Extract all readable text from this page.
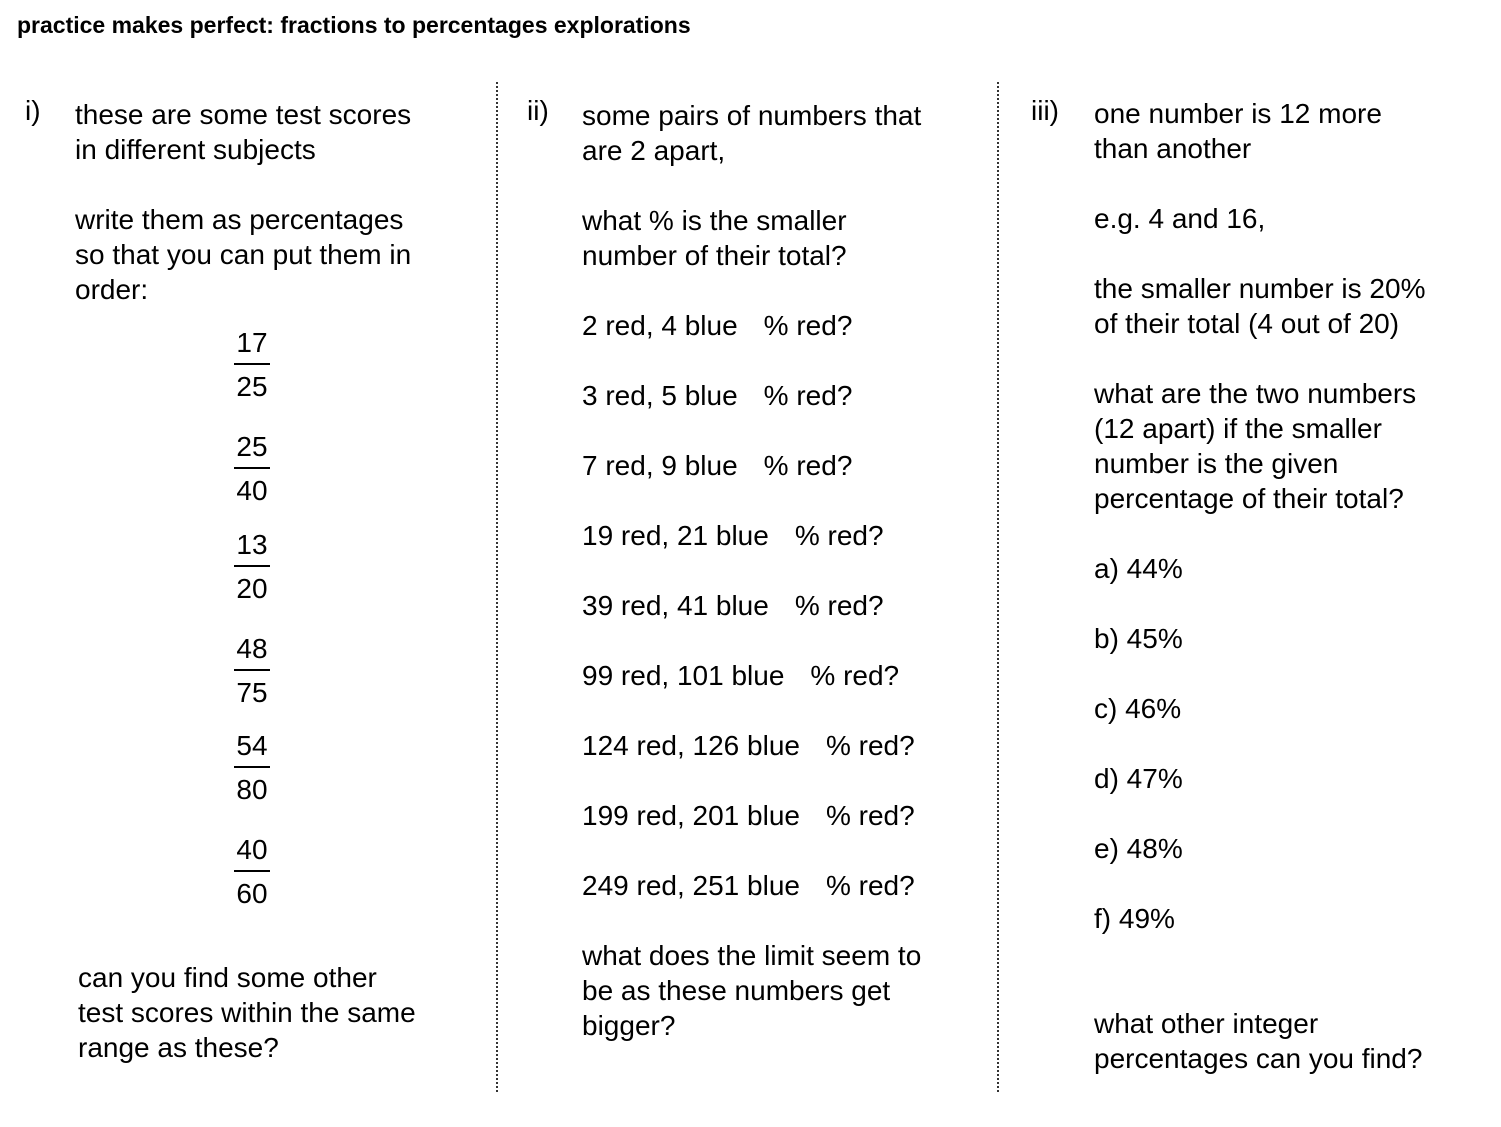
practice makes perfect: fractions to percentages explorations
i) these are some test scores
in different subjects
write them as percentages
so that you can put them in
order:
17
25
25
40
13
20
48
75
54
80
40
60
can you find some other
test scores within the same
range as these?
ii) some pairs of numbers that
are 2 apart,
what % is the smaller
number of their total?
2 red, 4 blue % red?
3 red, 5 blue % red?
7 red, 9 blue % red?
19 red, 21 blue % red?
39 red, 41 blue % red?
99 red, 101 blue % red?
124 red, 126 blue % red?
199 red, 201 blue % red?
249 red, 251 blue % red?
what does the limit seem to
be as these numbers get
bigger?
iii) one number is 12 more
than another
e.g. 4 and 16,
the smaller number is 20%
of their total (4 out of 20)
what are the two numbers
(12 apart) if the smaller
number is the given
percentage of their total?
a) 44%
b) 45%
c) 46%
d) 47%
e) 48%
f) 49%
what other integer
percentages can you find?
